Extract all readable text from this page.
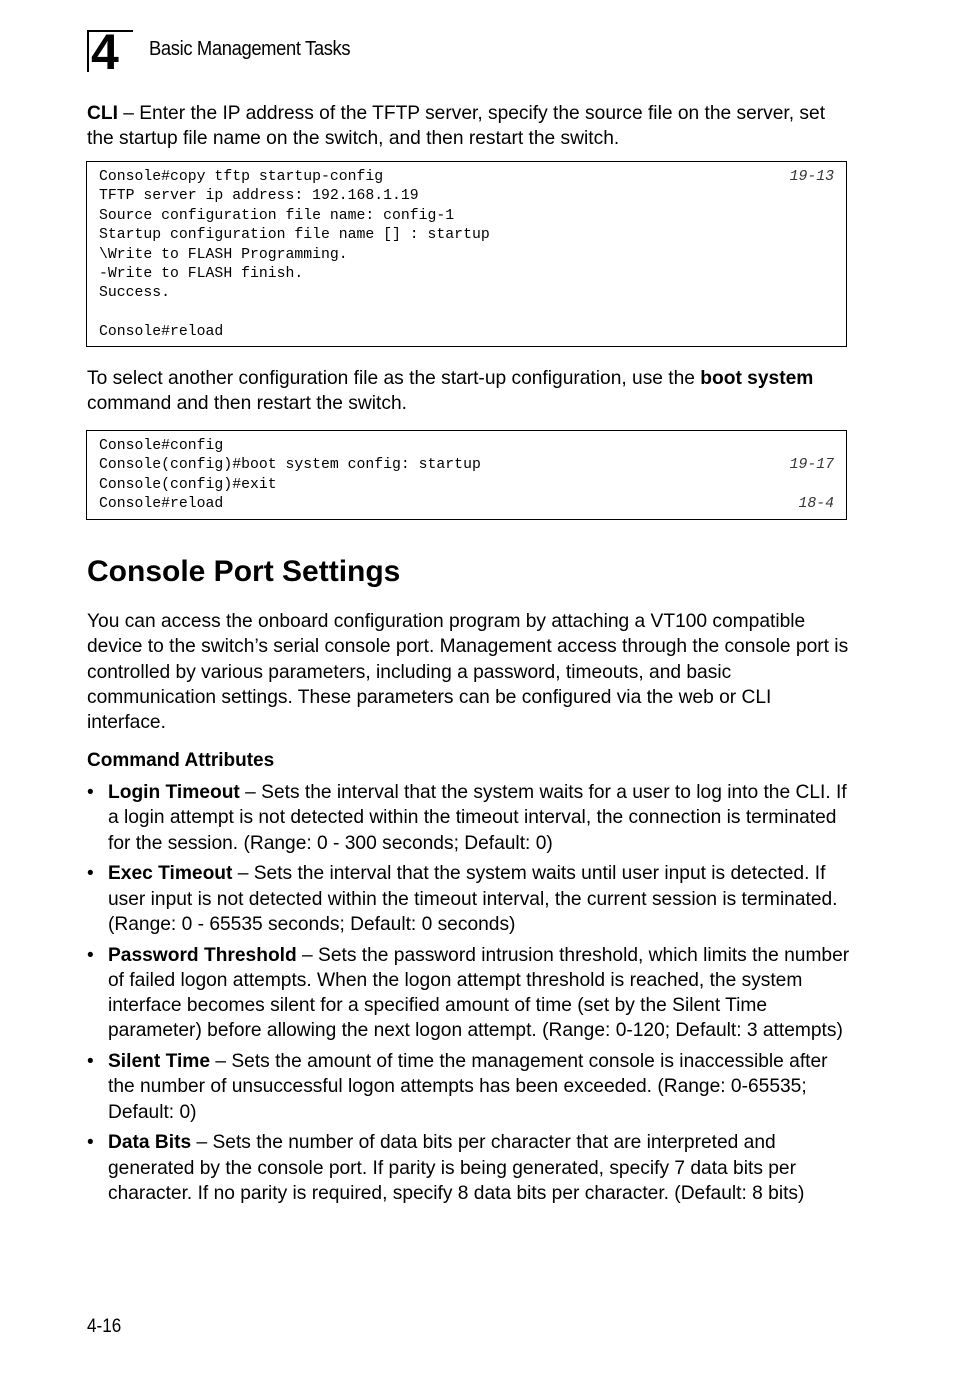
4 Basic Management Tasks

CLI – Enter the IP address of the TFTP server, specify the source file on the server, set the startup file name on the switch, and then restart the switch.

Console#copy tftp startup-config	19-13
TFTP server ip address: 192.168.1.19
Source configuration file name: config-1
Startup configuration file name [] : startup
\Write to FLASH Programming.
-Write to FLASH finish.
Success.
Console#reload

To select another configuration file as the start-up configuration, use the boot system command and then restart the switch.

Console#config
Console(config)#boot system config: startup	19-17
Console(config)#exit
Console#reload	18-4
Console Port Settings

You can access the onboard configuration program by attaching a VT100 compatible device to the switch’s serial console port. Management access through the console port is controlled by various parameters, including a password, timeouts, and basic communication settings. These parameters can be configured via the web or CLI interface.

Command Attributes
• Login Timeout – Sets the interval that the system waits for a user to log into the CLI. If a login attempt is not detected within the timeout interval, the connection is terminated for the session. (Range: 0 - 300 seconds; Default: 0)
• Exec Timeout – Sets the interval that the system waits until user input is detected. If user input is not detected within the timeout interval, the current session is terminated. (Range: 0 - 65535 seconds; Default: 0 seconds)
• Password Threshold – Sets the password intrusion threshold, which limits the number of failed logon attempts. When the logon attempt threshold is reached, the system interface becomes silent for a specified amount of time (set by the Silent Time parameter) before allowing the next logon attempt. (Range: 0-120; Default: 3 attempts)
• Silent Time – Sets the amount of time the management console is inaccessible after the number of unsuccessful logon attempts has been exceeded. (Range: 0-65535; Default: 0)
• Data Bits – Sets the number of data bits per character that are interpreted and generated by the console port. If parity is being generated, specify 7 data bits per character. If no parity is required, specify 8 data bits per character. (Default: 8 bits)
4-16
